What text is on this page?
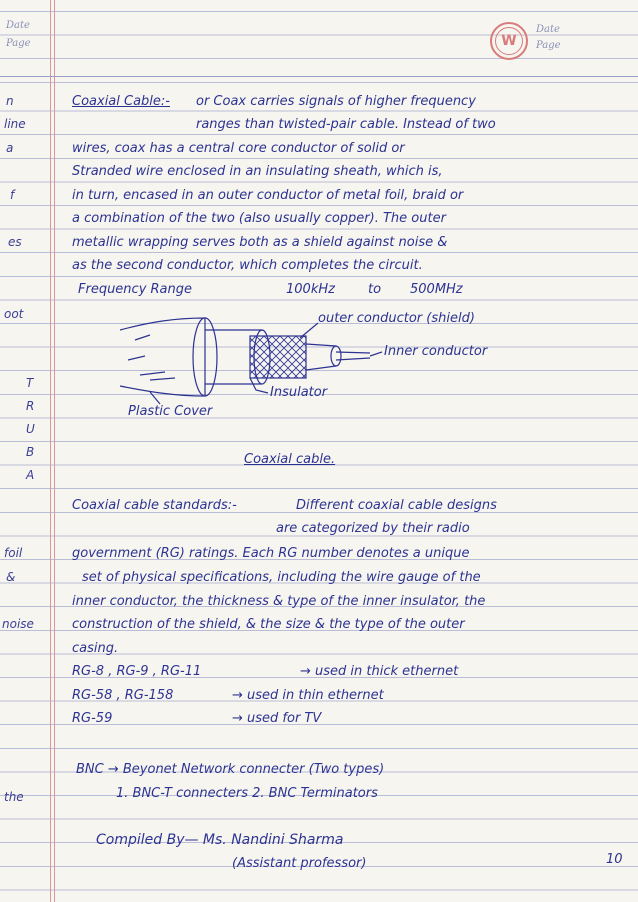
Date
Page	W
Date
Page
n
line
a
f
es
oot
T
R
U
B
A
foil
&
noise
the
Coaxial Cable:- or Coax carries signals of higher frequency
ranges than twisted-pair cable. Instead of two
wires, coax has a central core conductor of solid or
Stranded wire enclosed in an insulating sheath, which is,
in turn, encased in an outer conductor of metal foil, braid or
a combination of the two (also usually copper). The outer
metallic wrapping serves both as a shield against noise &
as the second conductor, which completes the circuit.
Frequency Range	100kHz	to 500MHz
outer conductor (shield)
Inner conductor
Insulator
Plastic Cover
Coaxial cable.
Coaxial cable standards:-	Different coaxial cable designs
are categorized by their radio
government (RG) ratings. Each RG number denotes a unique
set of physical specifications, including the wire gauge of the
inner conductor, the thickness & type of the inner insulator, the
construction of the shield, & the size & the type of the outer
casing.
RG-8 , RG-9 , RG-11	→ used in thick ethernet
RG-58 , RG-158	→ used in thin ethernet
RG-59	→ used for TV
BNC → Beyonet Network connecter (Two types)
1. BNC-T connecters 2. BNC Terminators
Compiled By— Ms. Nandini Sharma
(Assistant professor)	10
